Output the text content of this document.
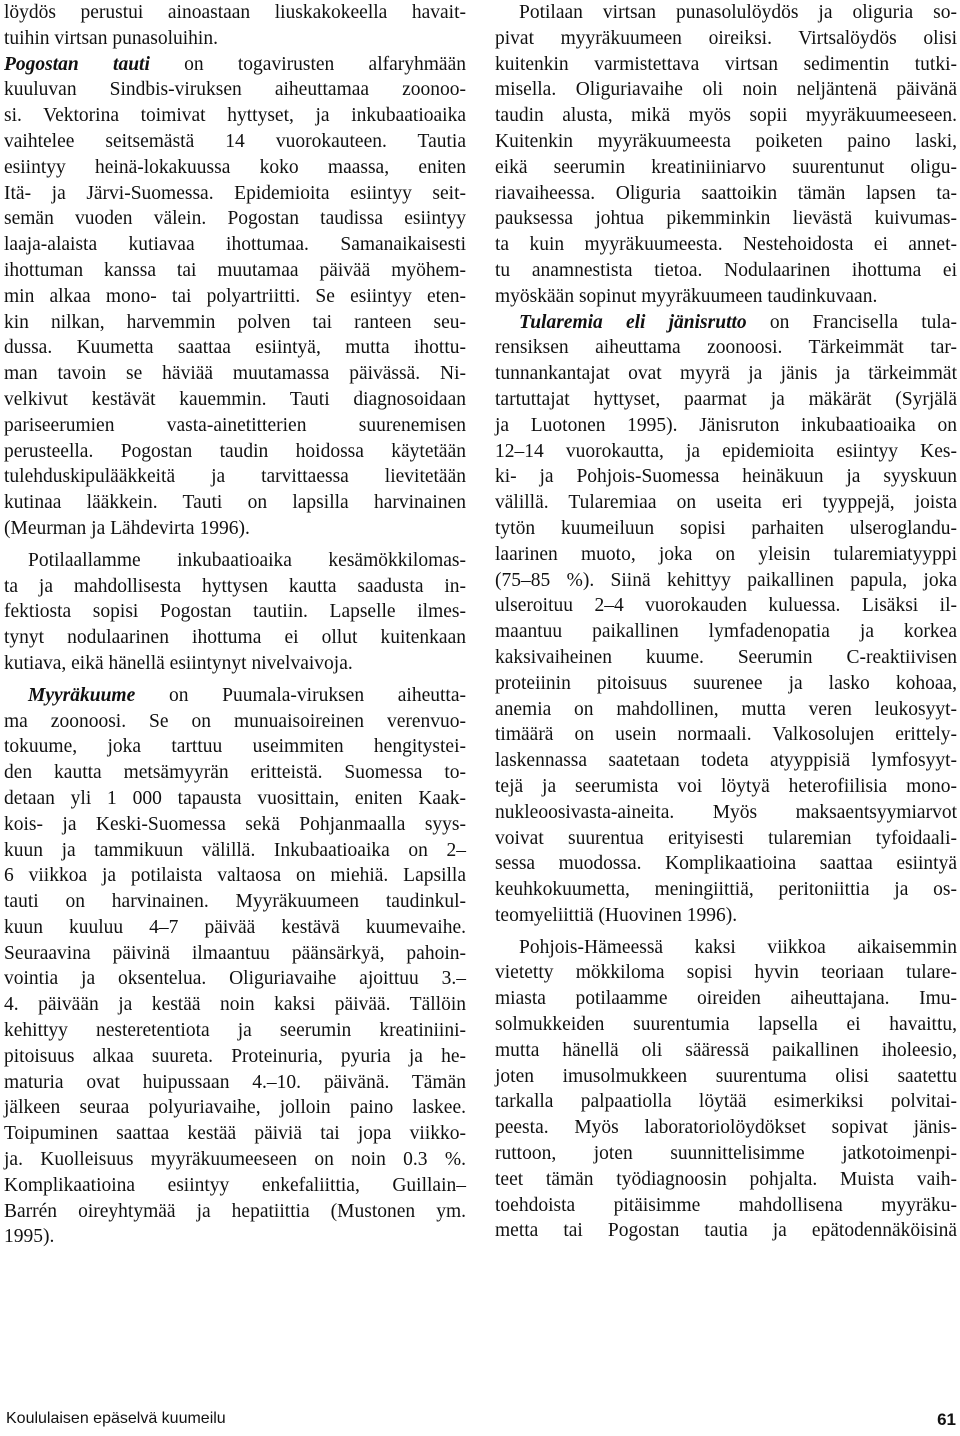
löydös perustui ainoastaan liuskakokeella havait-
tuihin virtsan punasoluihin.
Pogostan tauti on togavirusten alfaryhmään
kuuluvan Sindbis-viruksen aiheuttamaa zoonoo-
si. Vektorina toimivat hyttyset, ja inkubaatioaika
vaihtelee seitsemästä 14 vuorokauteen. Tautia
esiintyy heinä-lokakuussa koko maassa, eniten
Itä- ja Järvi-Suomessa. Epidemioita esiintyy seit-
semän vuoden välein. Pogostan taudissa esiintyy
laaja-alaista kutiavaa ihottumaa. Samanaikaisesti
ihottuman kanssa tai muutamaa päivää myöhem-
min alkaa mono- tai polyartriitti. Se esiintyy eten-
kin nilkan, harvemmin polven tai ranteen seu-
dussa. Kuumetta saattaa esiintyä, mutta ihottu-
man tavoin se häviää muutamassa päivässä. Ni-
velkivut kestävät kauemmin. Tauti diagnosoidaan
pariseerumien vasta-ainetitterien suurenemisen
perusteella. Pogostan taudin hoidossa käytetään
tulehduskipulääkkeitä ja tarvittaessa lievitetään
kutinaa lääkkein. Tauti on lapsilla harvinainen
(Meurman ja Lähdevirta 1996).
Potilaallamme inkubaatioaika kesämökkilomas-
ta ja mahdollisesta hyttysen kautta saadusta in-
fektiosta sopisi Pogostan tautiin. Lapselle ilmes-
tynyt nodulaarinen ihottuma ei ollut kuitenkaan
kutiava, eikä hänellä esiintynyt nivelvaivoja.
Myyräkuume on Puumala-viruksen aiheutta-
ma zoonoosi. Se on munuaisoireinen verenvuo-
tokuume, joka tarttuu useimmiten hengitystei-
den kautta metsämyyrän eritteistä. Suomessa to-
detaan yli 1 000 tapausta vuosittain, eniten Kaak-
kois- ja Keski-Suomessa sekä Pohjanmaalla syys-
kuun ja tammikuun välillä. Inkubaatioaika on 2–
6 viikkoa ja potilaista valtaosa on miehiä. Lapsilla
tauti on harvinainen. Myyräkuumeen taudinkul-
kuun kuuluu 4–7 päivää kestävä kuumevaihe.
Seuraavina päivinä ilmaantuu päänsärkyä, pahoin-
vointia ja oksentelua. Oliguriavaihe ajoittuu 3.–
4. päivään ja kestää noin kaksi päivää. Tällöin
kehittyy nesteretentiota ja seerumin kreatiniini-
pitoisuus alkaa suureta. Proteinuria, pyuria ja he-
maturia ovat huipussaan 4.–10. päivänä. Tämän
jälkeen seuraa polyuriavaihe, jolloin paino laskee.
Toipuminen saattaa kestää päiviä tai jopa viikko-
ja. Kuolleisuus myyräkuumeeseen on noin 0.3 %.
Komplikaatioina esiintyy enkefaliittia, Guillain–
Barrén oireyhtymää ja hepatiittia (Mustonen ym.
1995).
Potilaan virtsan punasolulöydös ja oliguria so-
pivat myyräkuumeen oireiksi. Virtsalöydös olisi
kuitenkin varmistettava virtsan sedimentin tutki-
misella. Oliguriavaihe oli noin neljäntenä päivänä
taudin alusta, mikä myös sopii myyräkuumeeseen.
Kuitenkin myyräkuumeesta poiketen paino laski,
eikä seerumin kreatiniiniarvo suurentunut oligu-
riavaiheessa. Oliguria saattoikin tämän lapsen ta-
pauksessa johtua pikemminkin lievästä kuivumas-
ta kuin myyräkuumeesta. Nestehoidosta ei annet-
tu anamnestista tietoa. Nodulaarinen ihottuma ei
myöskään sopinut myyräkuumeen taudinkuvaan.
Tularemia eli jänisrutto on Francisella tula-
rensiksen aiheuttama zoonoosi. Tärkeimmät tar-
tunnankantajat ovat myyrä ja jänis ja tärkeimmät
tartuttajat hyttyset, paarmat ja mäkärät (Syrjälä
ja Luotonen 1995). Jänisruton inkubaatioaika on
12–14 vuorokautta, ja epidemioita esiintyy Kes-
ki- ja Pohjois-Suomessa heinäkuun ja syyskuun
välillä. Tularemiaa on useita eri tyyppejä, joista
tytön kuumeiluun sopisi parhaiten ulseroglandu-
laarinen muoto, joka on yleisin tularemiatyyppi
(75–85 %). Siinä kehittyy paikallinen papula, joka
ulseroituu 2–4 vuorokauden kuluessa. Lisäksi il-
maantuu paikallinen lymfadenopatia ja korkea
kaksivaiheinen kuume. Seerumin C-reaktiivisen
proteiinin pitoisuus suurenee ja lasko kohoaa,
anemia on mahdollinen, mutta veren leukosyyt-
timäärä on usein normaali. Valkosolujen erittely-
laskennassa saatetaan todeta atyyppisiä lymfosyyt-
tejä ja seerumista voi löytyä heterofiilisia mono-
nukleoosivasta-aineita. Myös maksaentsyymiarvot
voivat suurentua erityisesti tularemian tyfoidaali-
sessa muodossa. Komplikaatioina saattaa esiintyä
keuhkokuumetta, meningiittiä, peritoniittia ja os-
teomyeliittiä (Huovinen 1996).
Pohjois-Hämeessä kaksi viikkoa aikaisemmin
vietetty mökkiloma sopisi hyvin teoriaan tulare-
miasta potilaamme oireiden aiheuttajana. Imu-
solmukkeiden suurentumia lapsella ei havaittu,
mutta hänellä oli sääressä paikallinen iholeesio,
joten imusolmukkeen suurentuma olisi saatettu
tarkalla palpaatiolla löytää esimerkiksi polvitai-
peesta. Myös laboratoriolöydökset sopivat jänis-
ruttoon, joten suunnittelisimme jatkotoimenpi-
teet tämän työdiagnoosin pohjalta. Muista vaih-
toehdoista pitäisimme mahdollisena myyräku-
metta tai Pogostan tautia ja epätodennäköisinä
Koululaisen epäselvä kuumeilu	61
